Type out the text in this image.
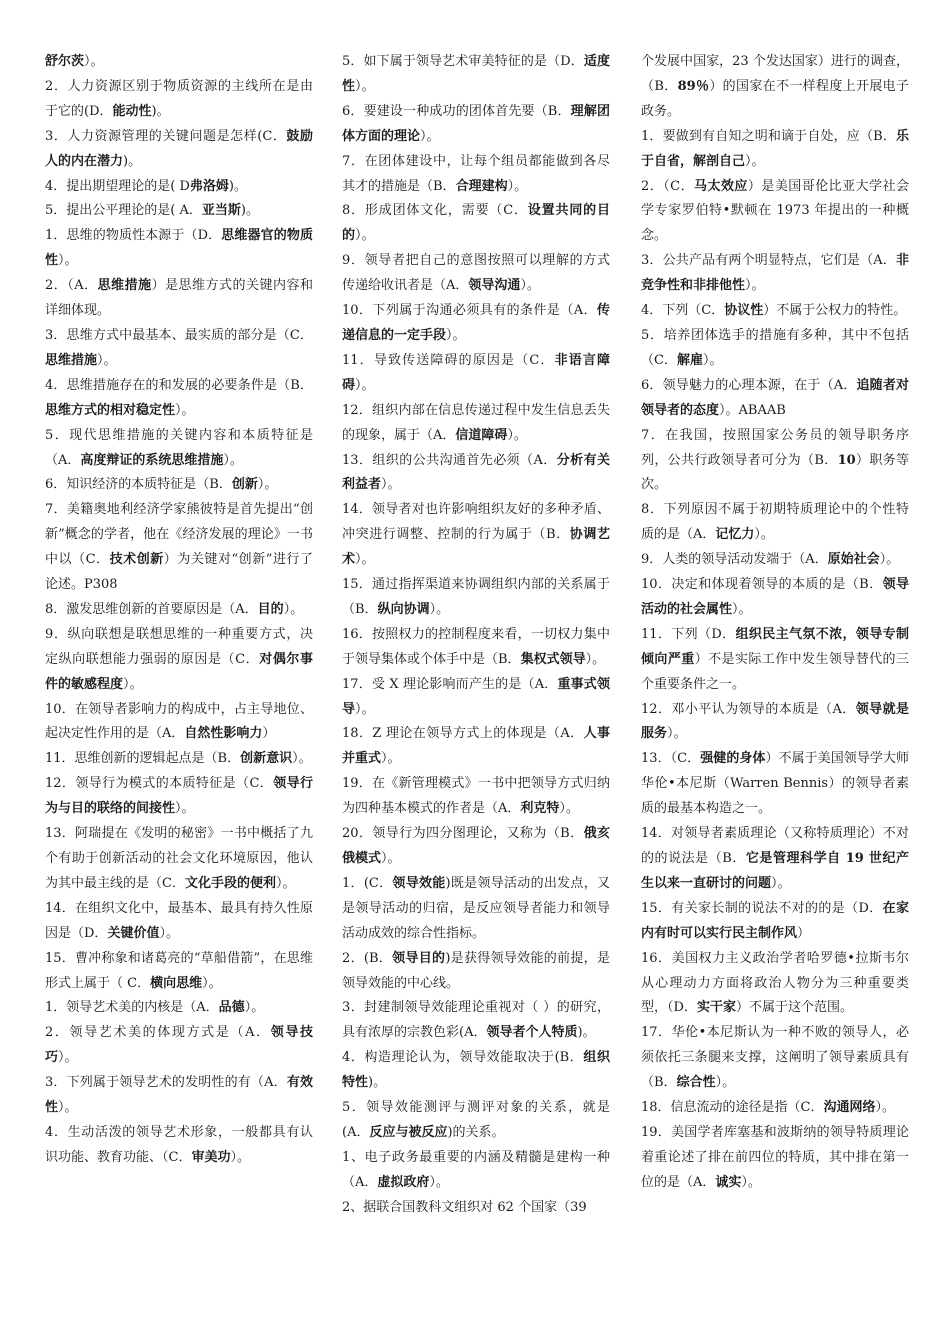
舒尔茨）。

2．人力资源区别于物质资源的主线所在是由于它的(D．能动性)。

3．人力资源管理的关键问题是怎样(C．鼓励人的内在潜力)。

4．提出期望理论的是( D弗洛姆)。

5．提出公平理论的是( A．亚当斯)。

1．思维的物质性本源于（D．思维器官的物质性）。

2．（A．思维措施）是思维方式的关键内容和详细体现。

3．思维方式中最基本、最实质的部分是（C．思维措施）。

4．思维措施存在的和发展的必要条件是（B．思维方式的相对稳定性）。

5．现代思维措施的关键内容和本质特征是（A．高度辩证的系统思维措施）。

6．知识经济的本质特征是（B．创新）。

7．美籍奥地利经济学家熊彼特是首先提出“创新”概念的学者，他在《经济发展的理论》一书中以（C．技术创新）为关键对“创新”进行了论述。P308

8．激发思维创新的首要原因是（A．目的）。

9．纵向联想是联想思维的一种重要方式，决定纵向联想能力强弱的原因是（C．对偶尔事件的敏感程度）。

10．在领导者影响力的构成中，占主导地位、起决定性作用的是（A．自然性影响力）

11．思维创新的逻辑起点是（B．创新意识）。

12．领导行为模式的本质特征是（C．领导行为与目的联络的间接性）。

13．阿瑞提在《发明的秘密》一书中概括了九个有助于创新活动的社会文化环境原因，他认为其中最主线的是（C．文化手段的便利）。

14．在组织文化中，最基本、最具有持久性原因是（D．关键价值）。

15．曹冲称象和诸葛亮的“草船借箭”，在思维形式上属于（ C．横向思维）。

1．领导艺术美的内核是（A．品德）。

2．领导艺术美的体现方式是（A．领导技巧）。

3．下列属于领导艺术的发明性的有（A．有效性）。

4．生动活泼的领导艺术形象，一般都具有认识功能、教育功能、（C．审美功）。

5．如下属于领导艺术审美特征的是（D．适度性）。

6．要建设一种成功的团体首先要（B．理解团体方面的理论）。

7．在团体建设中，让每个组员都能做到各尽其才的措施是（B．合理建构）。

8．形成团体文化，需要（C．设置共同的目的）。

9．领导者把自己的意图按照可以理解的方式传递给收讯者是（A．领导沟通）。

10．下列属于沟通必须具有的条件是（A．传递信息的一定手段）。

11．导致传送障碍的原因是（C．非语言障碍）。

12．组织内部在信息传递过程中发生信息丢失的现象，属于（A．信道障碍）。

13．组织的公共沟通首先必须（A．分析有关利益者）。

14．领导者对也许影响组织友好的多种矛盾、冲突进行调整、控制的行为属于（B．协调艺术）。

15．通过指挥渠道来协调组织内部的关系属于（B．纵向协调）。

16．按照权力的控制程度来看，一切权力集中于领导集体或个体手中是（B．集权式领导）。

17．受 X 理论影响而产生的是（A．重事式领导）。

18．Z 理论在领导方式上的体现是（A．人事并重式）。

19．在《新管理模式》一书中把领导方式归纳为四种基本模式的作者是（A．利克特）。

20．领导行为四分图理论，又称为（B．俄亥俄模式）。

1．(C．领导效能)既是领导活动的出发点，又是领导活动的归宿，是反应领导者能力和领导活动成效的综合性指标。

2．(B．领导目的)是获得领导效能的前提，是领导效能的中心线。

3．封建制领导效能理论重视对（ ）的研究，具有浓厚的宗教色彩(A．领导者个人特质)。

4．构造理论认为，领导效能取决于(B．组织特性)。

5．领导效能测评与测评对象的关系，就是(A．反应与被反应)的关系。

1、电子政务最重要的内涵及精髓是建构一种（A．虚拟政府）。

2、据联合国教科文组织对 62 个国家（39

个发展中国家，23 个发达国家）进行的调查，（B．89％）的国家在不一样程度上开展电子政务。

1．要做到有自知之明和谪于自处，应（B．乐于自省，解剖自己）。

2．（C．马太效应）是美国哥伦比亚大学社会学专家罗伯特•默顿在 1973 年提出的一种概念。

3．公共产品有两个明显特点，它们是（A．非竞争性和非排他性）。

4．下列（C．协议性）不属于公权力的特性。

5．培养团体选手的措施有多种，其中不包括（C．解雇）。

6．领导魅力的心理本源，在于（A．追随者对领导者的态度）。ABAAB

7．在我国，按照国家公务员的领导职务序列，公共行政领导者可分为（B．10）职务等次。

8．下列原因不属于初期特质理论中的个性特质的是（A．记忆力）。

9．人类的领导活动发端于（A．原始社会）。

10．决定和体现着领导的本质的是（B．领导活动的社会属性）。

11．下列（D．组织民主气氛不浓，领导专制倾向严重）不是实际工作中发生领导替代的三个重要条件之一。

12．邓小平认为领导的本质是（A．领导就是服务）。

13．（C．强健的身体）不属于美国领导学大师华伦•本尼斯（Warren Bennis）的领导者素质的最基本构造之一。

14．对领导者素质理论（又称特质理论）不对的的说法是（B．它是管理科学自 19 世纪产生以来一直研讨的问题）。

15．有关家长制的说法不对的的是（D．在家内有时可以实行民主制作风）

16．美国权力主义政治学者哈罗德•拉斯韦尔从心理动力方面将政治人物分为三种重要类型，（D．实干家）不属于这个范围。

17．华伦•本尼斯认为一种不败的领导人，必须依托三条腿来支撑，这阐明了领导素质具有（B．综合性）。

18．信息流动的途径是指（C．沟通网络）。

19．美国学者库塞基和波斯纳的领导特质理论着重论述了排在前四位的特质，其中排在第一位的是（A．诚实）。
